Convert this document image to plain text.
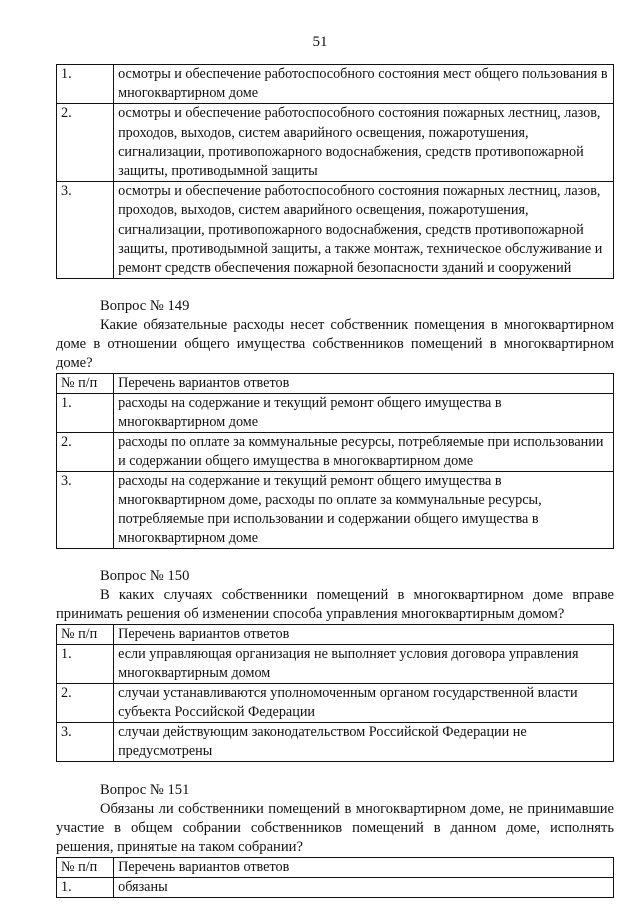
51
1.	осмотры и обеспечение работоспособного состояния мест общего пользования в многоквартирном доме
2.	осмотры и обеспечение работоспособного состояния пожарных лестниц, лазов, проходов, выходов, систем аварийного освещения, пожаротушения, сигнализации, противопожарного водоснабжения, средств противопожарной защиты, противодымной защиты
3.	осмотры и обеспечение работоспособного состояния пожарных лестниц, лазов, проходов, выходов, систем аварийного освещения, пожаротушения, сигнализации, противопожарного водоснабжения, средств противопожарной защиты, противодымной защиты, а также монтаж, техническое обслуживание и ремонт средств обеспечения пожарной безопасности зданий и сооружений
Вопрос № 149
Какие обязательные расходы несет собственник помещения в многоквартирном доме в отношении общего имущества собственников помещений в многоквартирном доме?
№ п/п	Перечень вариантов ответов
1.	расходы на содержание и текущий ремонт общего имущества в многоквартирном доме
2.	расходы по оплате за коммунальные ресурсы, потребляемые при использовании и содержании общего имущества в многоквартирном доме
3.	расходы на содержание и текущий ремонт общего имущества в многоквартирном доме, расходы по оплате за коммунальные ресурсы, потребляемые при использовании и содержании общего имущества в многоквартирном доме
Вопрос № 150
В каких случаях собственники помещений в многоквартирном доме вправе принимать решения об изменении способа управления многоквартирным домом?
№ п/п	Перечень вариантов ответов
1.	если управляющая организация не выполняет условия договора управления многоквартирным домом
2.	случаи устанавливаются уполномоченным органом государственной власти субъекта Российской Федерации
3.	случаи действующим законодательством Российской Федерации не предусмотрены
Вопрос № 151
Обязаны ли собственники помещений в многоквартирном доме, не принимавшие участие в общем собрании собственников помещений в данном доме, исполнять решения, принятые на таком собрании?
№ п/п	Перечень вариантов ответов
1.	обязаны
